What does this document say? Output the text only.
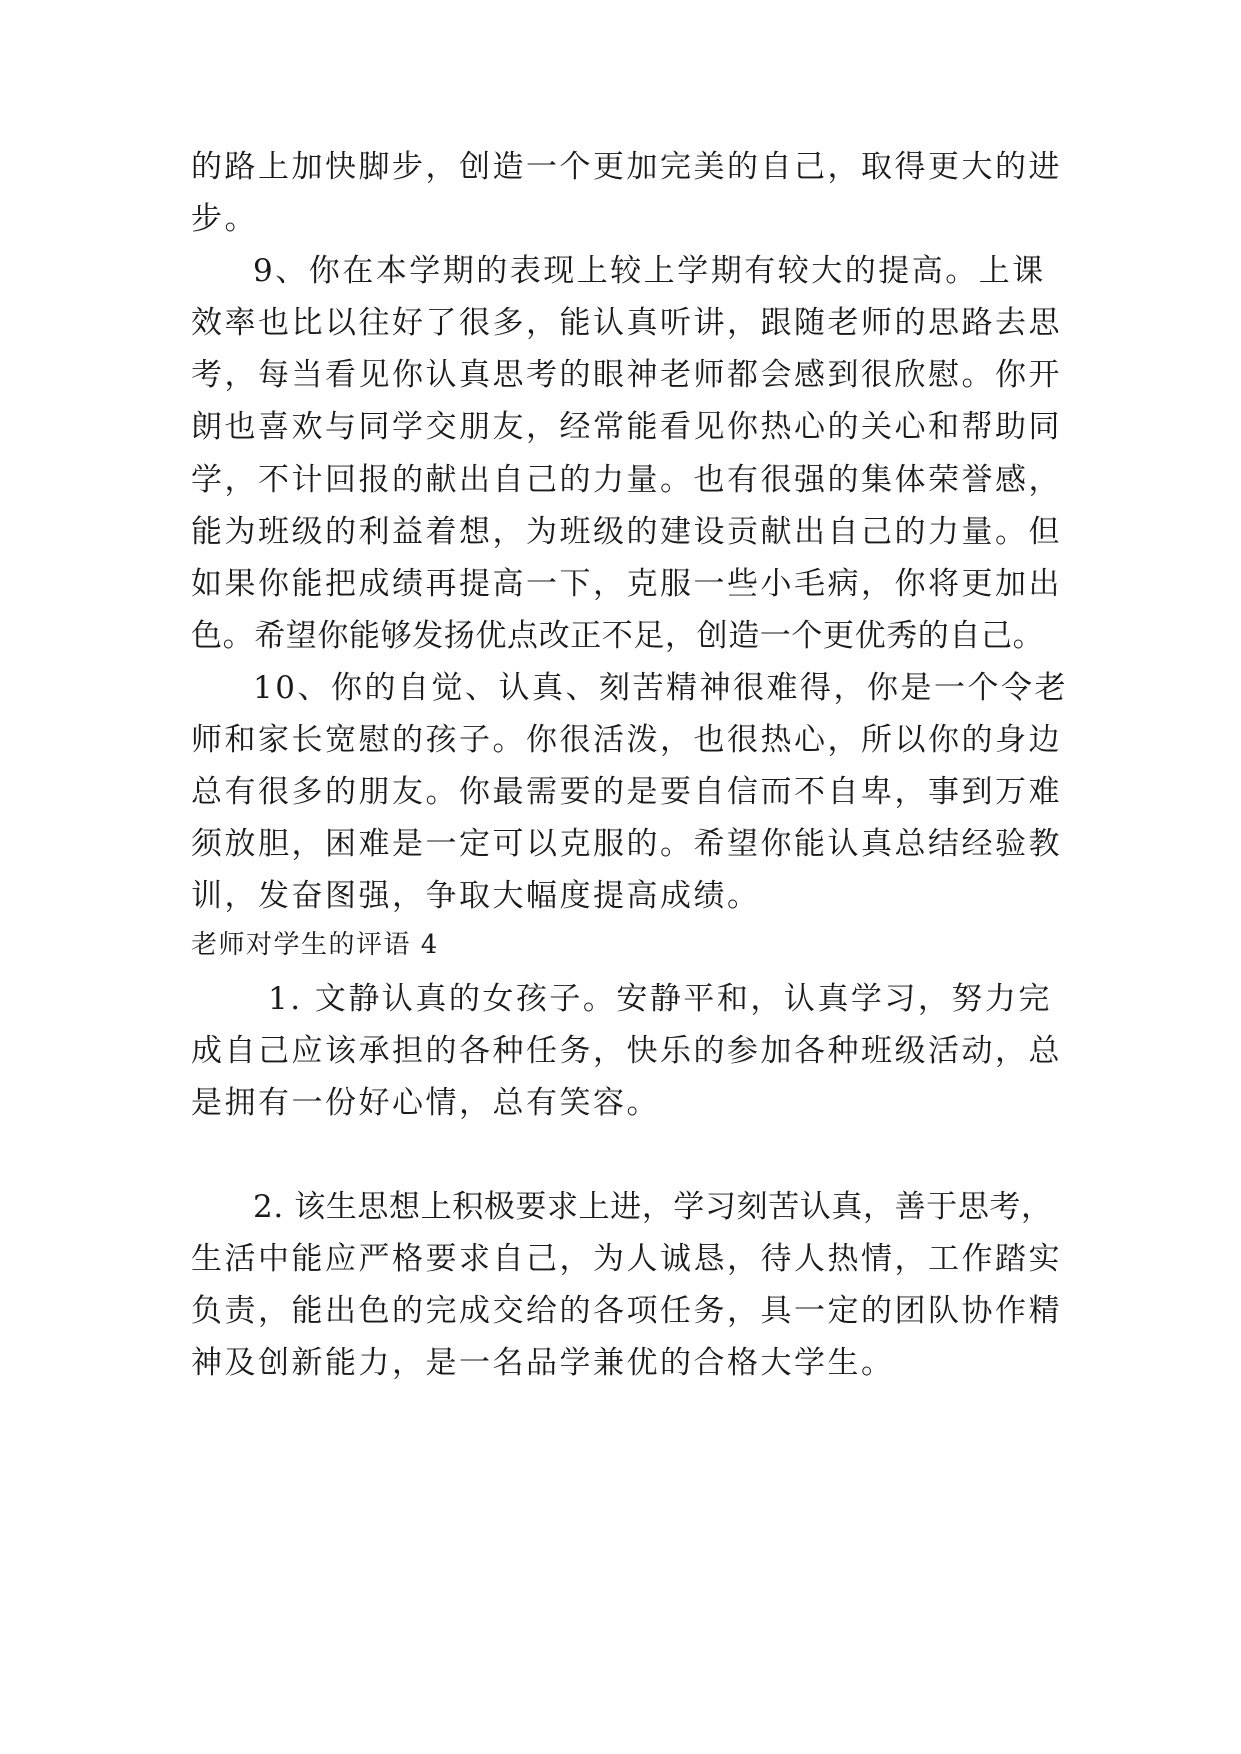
的路上加快脚步，创造一个更加完美的自己，取得更大的进
步。
9、你在本学期的表现上较上学期有较大的提高。上课
效率也比以往好了很多，能认真听讲，跟随老师的思路去思
考，每当看见你认真思考的眼神老师都会感到很欣慰。你开
朗也喜欢与同学交朋友，经常能看见你热心的关心和帮助同
学，不计回报的献出自己的力量。也有很强的集体荣誉感，
能为班级的利益着想，为班级的建设贡献出自己的力量。但
如果你能把成绩再提高一下，克服一些小毛病，你将更加出
色。希望你能够发扬优点改正不足，创造一个更优秀的自己。
10、你的自觉、认真、刻苦精神很难得，你是一个令老
师和家长宽慰的孩子。你很活泼，也很热心，所以你的身边
总有很多的朋友。你最需要的是要自信而不自卑，事到万难
须放胆，困难是一定可以克服的。希望你能认真总结经验教
训，发奋图强，争取大幅度提高成绩。
老师对学生的评语 4
1. 文静认真的女孩子。安静平和，认真学习，努力完
成自己应该承担的各种任务，快乐的参加各种班级活动，总
是拥有一份好心情，总有笑容。
2. 该生思想上积极要求上进，学习刻苦认真，善于思考，
生活中能应严格要求自己，为人诚恳，待人热情，工作踏实
负责，能出色的完成交给的各项任务，具一定的团队协作精
神及创新能力，是一名品学兼优的合格大学生。
